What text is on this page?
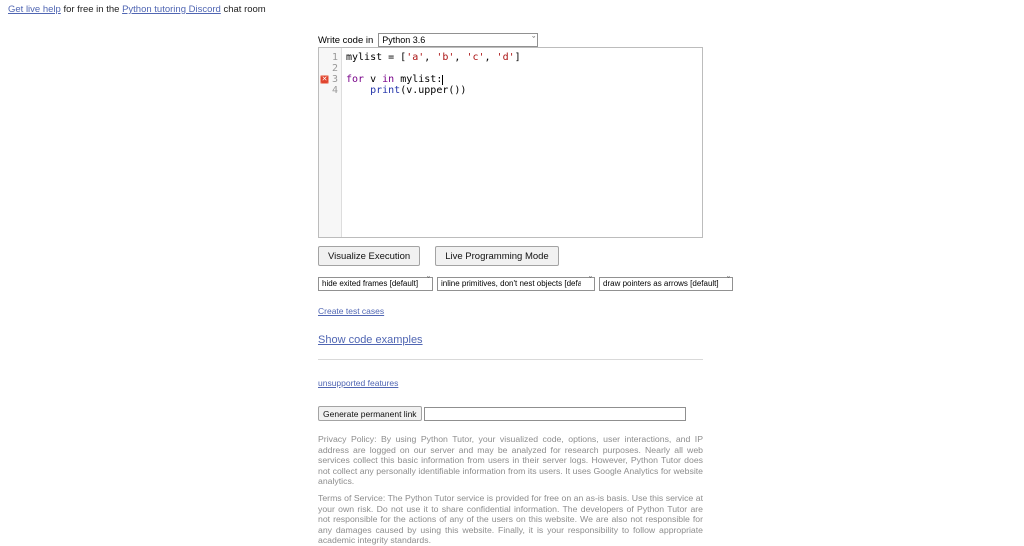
Get live help for free in the Python tutoring Discord chat room
Write code in
Python 3.6 ˇ
1
2
✕
3
4
mylist = ['a', 'b', 'c', 'd']
for v in mylist:
print(v.upper())
Visualize Execution	Live Programming Mode
hide exited frames [default] ˇ
inline primitives, don't nest objects [default] ˇ
draw pointers as arrows [default] ˇ
Create test cases
Show code examples
unsupported features
Generate permanent link

Privacy Policy: By using Python Tutor, your visualized code, options, user interactions, and IP address are logged on our server and may be analyzed for research purposes. Nearly all web services collect this basic information from users in their server logs. However, Python Tutor does not collect any personally identifiable information from its users. It uses Google Analytics for website analytics.

Terms of Service: The Python Tutor service is provided for free on an as-is basis. Use this service at your own risk. Do not use it to share confidential information. The developers of Python Tutor are not responsible for the actions of any of the users on this website. We are also not responsible for any damages caused by using this website. Finally, it is your responsibility to follow appropriate academic integrity standards.
